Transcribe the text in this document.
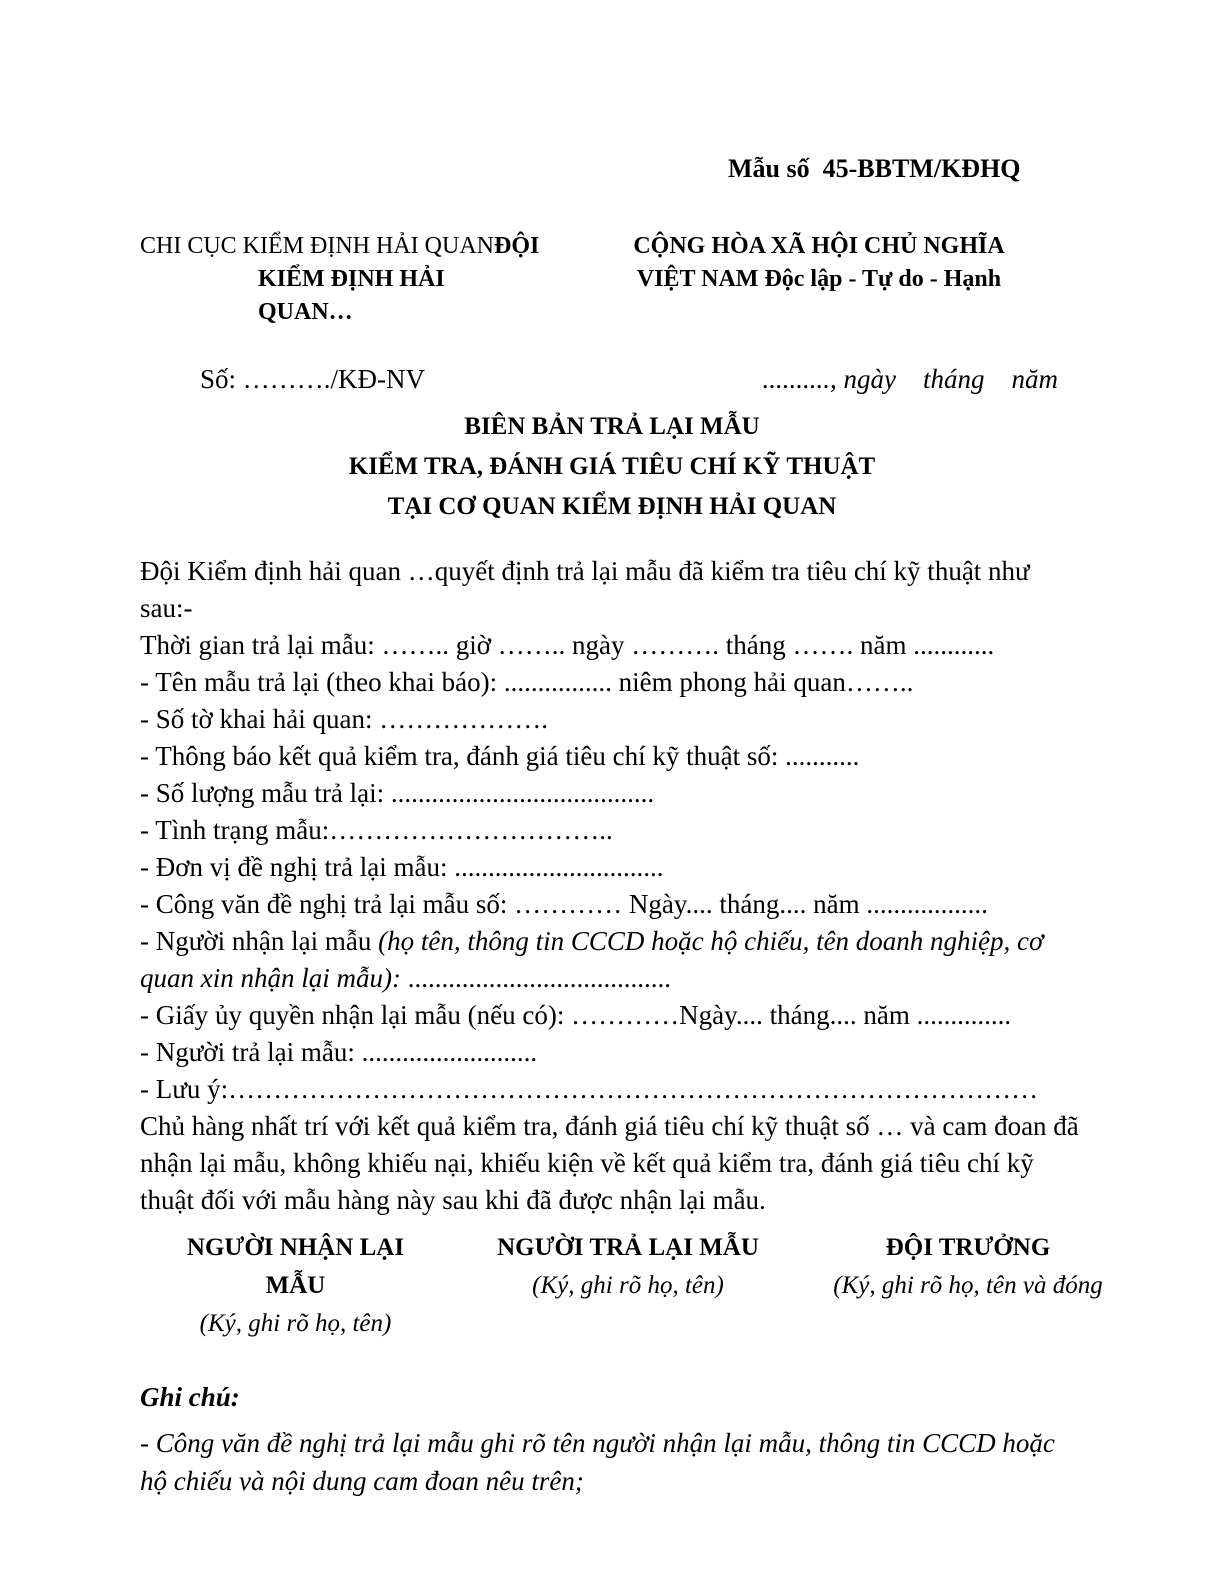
Mẫu số  45-BBTM/KĐHQ
CHI CỤC KIỂM ĐỊNH HẢI QUANĐỘI
KIỂM ĐỊNH HẢI
QUAN…
CỘNG HÒA XÃ HỘI CHỦ NGHĨA
VIỆT NAM Độc lập - Tự do - Hạnh
Số: ………./KĐ-NV	.........., ngày    tháng    năm
BIÊN BẢN TRẢ LẠI MẪU
KIỂM TRA, ĐÁNH GIÁ TIÊU CHÍ KỸ THUẬT
TẠI CƠ QUAN KIỂM ĐỊNH HẢI QUAN

Đội Kiểm định hải quan …quyết định trả lại mẫu đã kiểm tra tiêu chí kỹ thuật như sau:-
Thời gian trả lại mẫu: …….. giờ …….. ngày ………. tháng ……. năm ............

- Tên mẫu trả lại (theo khai báo): ................ niêm phong hải quan……..

- Số tờ khai hải quan: ……………….

- Thông báo kết quả kiểm tra, đánh giá tiêu chí kỹ thuật số: ...........

- Số lượng mẫu trả lại: .......................................

- Tình trạng mẫu:…………………………..

- Đơn vị đề nghị trả lại mẫu: ...............................

- Công văn đề nghị trả lại mẫu số: ………… Ngày.... tháng.... năm ..................

- Người nhận lại mẫu (họ tên, thông tin CCCD hoặc hộ chiếu, tên doanh nghiệp, cơ quan xin nhận lại mẫu): .......................................

- Giấy ủy quyền nhận lại mẫu (nếu có): …………Ngày.... tháng.... năm ..............

- Người trả lại mẫu: ..........................

- Lưu ý:………………………………………………………………………………

Chủ hàng nhất trí với kết quả kiểm tra, đánh giá tiêu chí kỹ thuật số … và cam đoan đã nhận lại mẫu, không khiếu nại, khiếu kiện về kết quả kiểm tra, đánh giá tiêu chí kỹ thuật đối với mẫu hàng này sau khi đã được nhận lại mẫu.

NGƯỜI NHẬN LẠI MẪU
(Ký, ghi rõ họ, tên)
NGƯỜI TRẢ LẠI MẪU
(Ký, ghi rõ họ, tên)
ĐỘI TRƯỞNG
(Ký, ghi rõ họ, tên và đóng
Ghi chú:
- Công văn đề nghị trả lại mẫu ghi rõ tên người nhận lại mẫu, thông tin CCCD hoặc hộ chiếu và nội dung cam đoan nêu trên;
